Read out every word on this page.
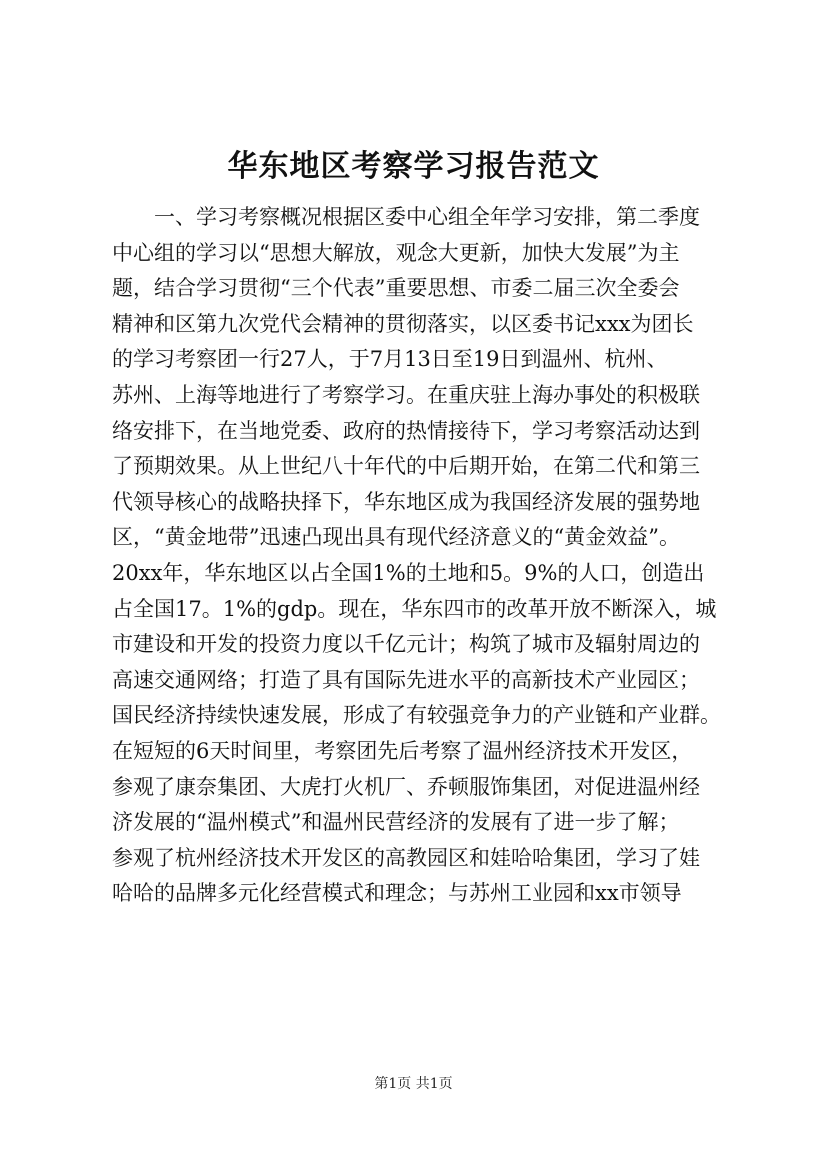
华东地区考察学习报告范文
一、学习考察概况根据区委中心组全年学习安排，第二季度
中心组的学习以“思想大解放，观念大更新，加快大发展”为主
题，结合学习贯彻“三个代表”重要思想、市委二届三次全委会
精神和区第九次党代会精神的贯彻落实，以区委书记xxx为团长
的学习考察团一行27人，于7月13日至19日到温州、杭州、
苏州、上海等地进行了考察学习。在重庆驻上海办事处的积极联
络安排下，在当地党委、政府的热情接待下，学习考察活动达到
了预期效果。从上世纪八十年代的中后期开始，在第二代和第三
代领导核心的战略抉择下，华东地区成为我国经济发展的强势地
区，“黄金地带”迅速凸现出具有现代经济意义的“黄金效益”。
20xx年，华东地区以占全国1%的土地和5。9%的人口，创造出
占全国17。1%的gdp。现在，华东四市的改革开放不断深入，城
市建设和开发的投资力度以千亿元计；构筑了城市及辐射周边的
高速交通网络；打造了具有国际先进水平的高新技术产业园区；
国民经济持续快速发展，形成了有较强竞争力的产业链和产业群。
在短短的6天时间里，考察团先后考察了温州经济技术开发区，
参观了康奈集团、大虎打火机厂、乔顿服饰集团，对促进温州经
济发展的“温州模式”和温州民营经济的发展有了进一步了解；
参观了杭州经济技术开发区的高教园区和娃哈哈集团，学习了娃
哈哈的品牌多元化经营模式和理念；与苏州工业园和xx市领导
第1页 共1页
